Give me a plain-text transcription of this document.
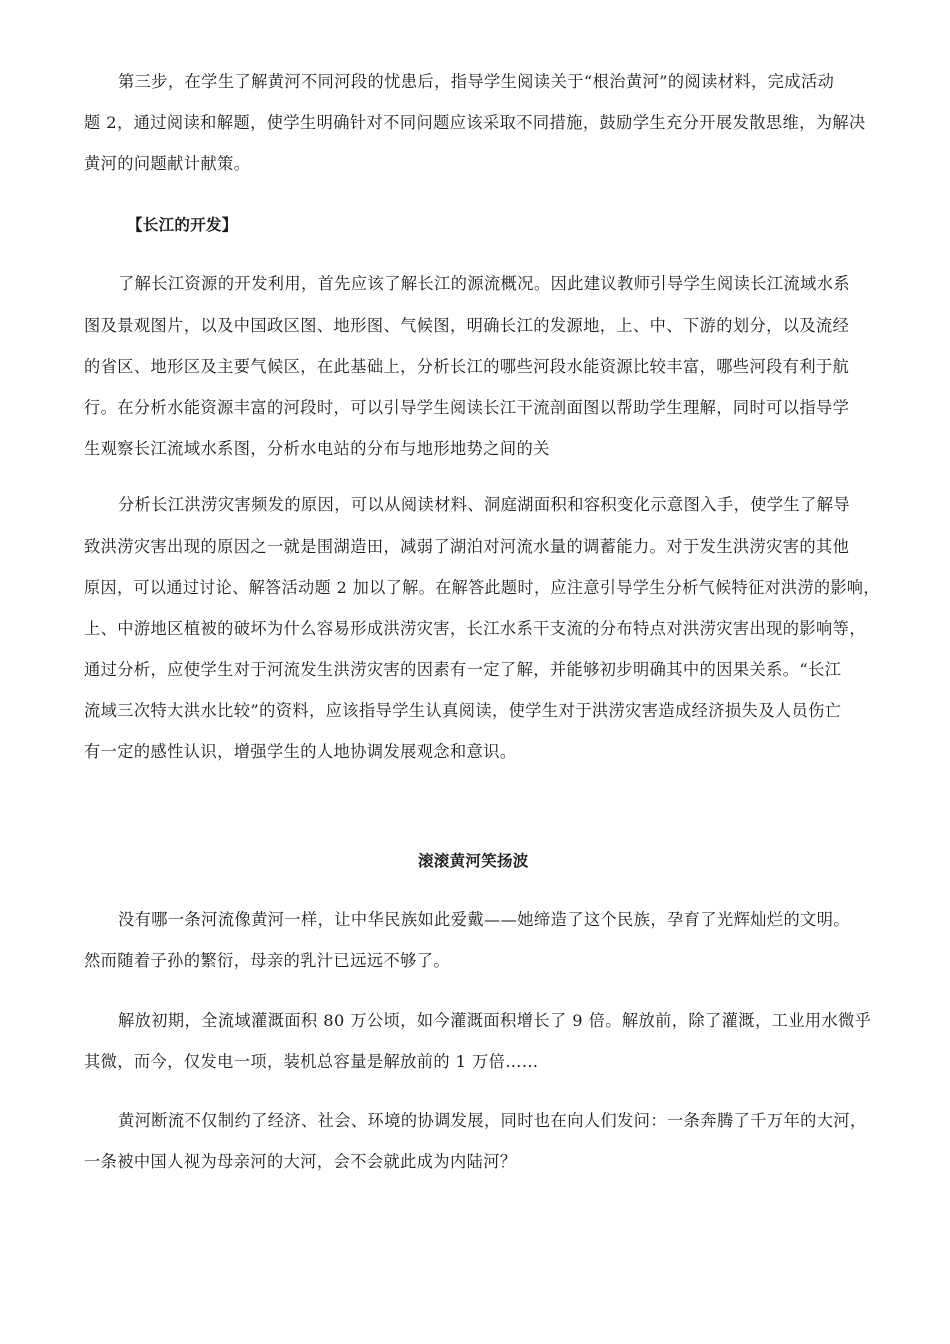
第三步，在学生了解黄河不同河段的忧患后，指导学生阅读关于“根治黄河”的阅读材料，完成活动
题 2，通过阅读和解题，使学生明确针对不同问题应该采取不同措施，鼓励学生充分开展发散思维，为解决
黄河的问题献计献策。
【长江的开发】
了解长江资源的开发利用，首先应该了解长江的源流概况。因此建议教师引导学生阅读长江流域水系
图及景观图片，以及中国政区图、地形图、气候图，明确长江的发源地，上、中、下游的划分，以及流经
的省区、地形区及主要气候区，在此基础上，分析长江的哪些河段水能资源比较丰富，哪些河段有利于航
行。在分析水能资源丰富的河段时，可以引导学生阅读长江干流剖面图以帮助学生理解，同时可以指导学
生观察长江流域水系图，分析水电站的分布与地形地势之间的关
分析长江洪涝灾害频发的原因，可以从阅读材料、洞庭湖面积和容积变化示意图入手，使学生了解导
致洪涝灾害出现的原因之一就是围湖造田，减弱了湖泊对河流水量的调蓄能力。对于发生洪涝灾害的其他
原因，可以通过讨论、解答活动题 2 加以了解。在解答此题时，应注意引导学生分析气候特征对洪涝的影响，
上、中游地区植被的破坏为什么容易形成洪涝灾害，长江水系干支流的分布特点对洪涝灾害出现的影响等，
通过分析，应使学生对于河流发生洪涝灾害的因素有一定了解，并能够初步明确其中的因果关系。“长江
流域三次特大洪水比较”的资料，应该指导学生认真阅读，使学生对于洪涝灾害造成经济损失及人员伤亡
有一定的感性认识，增强学生的人地协调发展观念和意识。
滚滚黄河笑扬波
没有哪一条河流像黄河一样，让中华民族如此爱戴——她缔造了这个民族，孕育了光辉灿烂的文明。
然而随着子孙的繁衍，母亲的乳汁已远远不够了。
解放初期，全流域灌溉面积 80 万公顷，如今灌溉面积增长了 9 倍。解放前，除了灌溉，工业用水微乎
其微，而今，仅发电一项，装机总容量是解放前的 1 万倍……
黄河断流不仅制约了经济、社会、环境的协调发展，同时也在向人们发问：一条奔腾了千万年的大河，
一条被中国人视为母亲河的大河，会不会就此成为内陆河？
